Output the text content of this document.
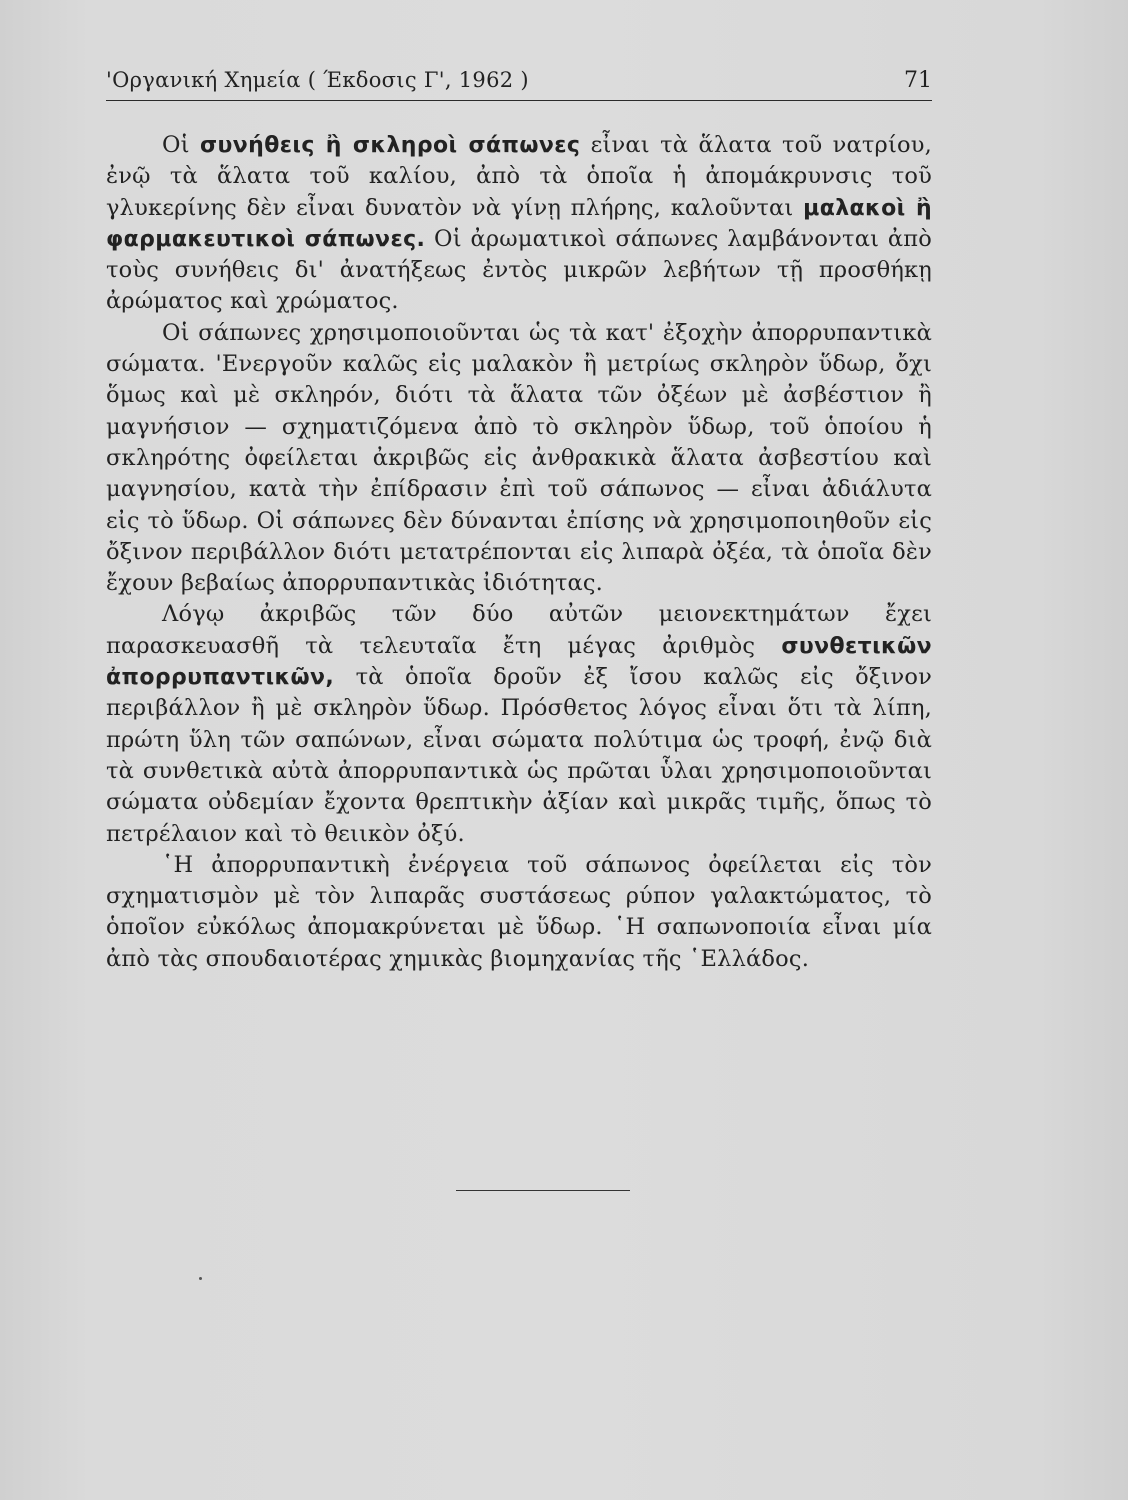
'Οργανική Χημεία ( Έκδοσις Γ', 1962 )	71

Οἱ συνήθεις ἢ σκληροὶ σάπωνες εἶναι τὰ ἅλατα τοῦ νατρίου, ἐνῷ τὰ ἅλατα τοῦ καλίου, ἀπὸ τὰ ὁποῖα ἡ ἀπομάκρυνσις τοῦ γλυκερίνης δὲν εἶναι δυνατὸν νὰ γίνῃ πλήρης, καλοῦνται μαλακοὶ ἢ φαρμακευτικοὶ σάπωνες. Οἱ ἀρωματικοὶ σάπωνες λαμβάνονται ἀπὸ τοὺς συνήθεις δι' ἀνατήξεως ἐντὸς μικρῶν λεβήτων τῇ προσθήκῃ ἀρώματος καὶ χρώματος.

Οἱ σάπωνες χρησιμοποιοῦνται ὡς τὰ κατ' ἐξοχὴν ἀπορρυπαντικὰ σώματα. 'Ενεργοῦν καλῶς εἰς μαλακὸν ἢ μετρίως σκληρὸν ὕδωρ, ὄχι ὅμως καὶ μὲ σκληρόν, διότι τὰ ἅλατα τῶν ὀξέων μὲ ἀσβέστιον ἢ μαγνήσιον — σχηματιζόμενα ἀπὸ τὸ σκληρὸν ὕδωρ, τοῦ ὁποίου ἡ σκληρότης ὀφείλεται ἀκριβῶς εἰς ἀνθρακικὰ ἅλατα ἀσβεστίου καὶ μαγνησίου, κατὰ τὴν ἐπίδρασιν ἐπὶ τοῦ σάπωνος — εἶναι ἀδιάλυτα εἰς τὸ ὕδωρ. Οἱ σάπωνες δὲν δύνανται ἐπίσης νὰ χρησιμοποιηθοῦν εἰς ὄξινον περιβάλλον διότι μετατρέπονται εἰς λιπαρὰ ὀξέα, τὰ ὁποῖα δὲν ἔχουν βεβαίως ἀπορρυπαντικὰς ἰδιότητας.

Λόγῳ ἀκριβῶς τῶν δύο αὐτῶν μειονεκτημάτων ἔχει παρασκευασθῆ τὰ τελευταῖα ἔτη μέγας ἀριθμὸς συνθετικῶν ἀπορρυπαντικῶν, τὰ ὁποῖα δροῦν ἐξ ἴσου καλῶς εἰς ὄξινον περιβάλλον ἢ μὲ σκληρὸν ὕδωρ. Πρόσθετος λόγος εἶναι ὅτι τὰ λίπη, πρώτη ὕλη τῶν σαπώνων, εἶναι σώματα πολύτιμα ὡς τροφή, ἐνῷ διὰ τὰ συνθετικὰ αὐτὰ ἀπορρυπαντικὰ ὡς πρῶται ὗλαι χρησιμοποιοῦνται σώματα οὐδεμίαν ἔχοντα θρεπτικὴν ἀξίαν καὶ μικρᾶς τιμῆς, ὅπως τὸ πετρέλαιον καὶ τὸ θειικὸν ὀξύ.

῾Η ἀπορρυπαντικὴ ἐνέργεια τοῦ σάπωνος ὀφείλεται εἰς τὸν σχηματισμὸν μὲ τὸν λιπαρᾶς συστάσεως ρύπον γαλακτώματος, τὸ ὁποῖον εὐκόλως ἀπομακρύνεται μὲ ὕδωρ. ῾Η σαπωνοποιία εἶναι μία ἀπὸ τὰς σπουδαιοτέρας χημικὰς βιομηχανίας τῆς ῾Ελλάδος.
